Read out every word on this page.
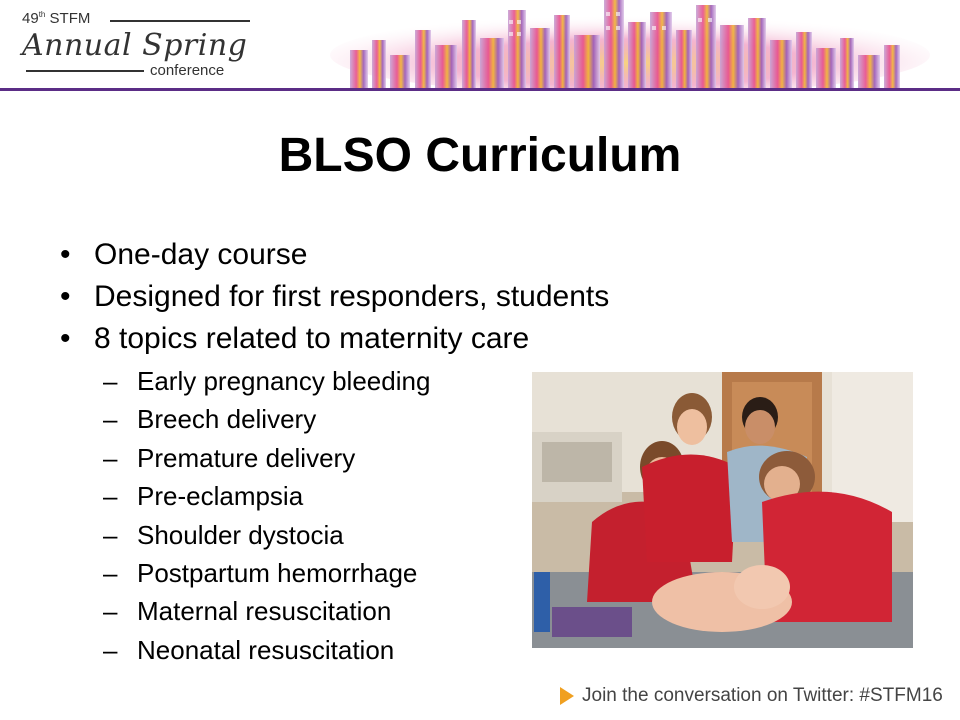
49th STFM
Annual Spring
conference
BLSO Curriculum
• One-day course
• Designed for first responders, students
• 8 topics related to maternity care
– Early pregnancy bleeding
– Breech delivery
– Premature delivery
– Pre-eclampsia
– Shoulder dystocia
– Postpartum hemorrhage
– Maternal resuscitation
– Neonatal resuscitation
Join the conversation on Twitter: #STFM16
